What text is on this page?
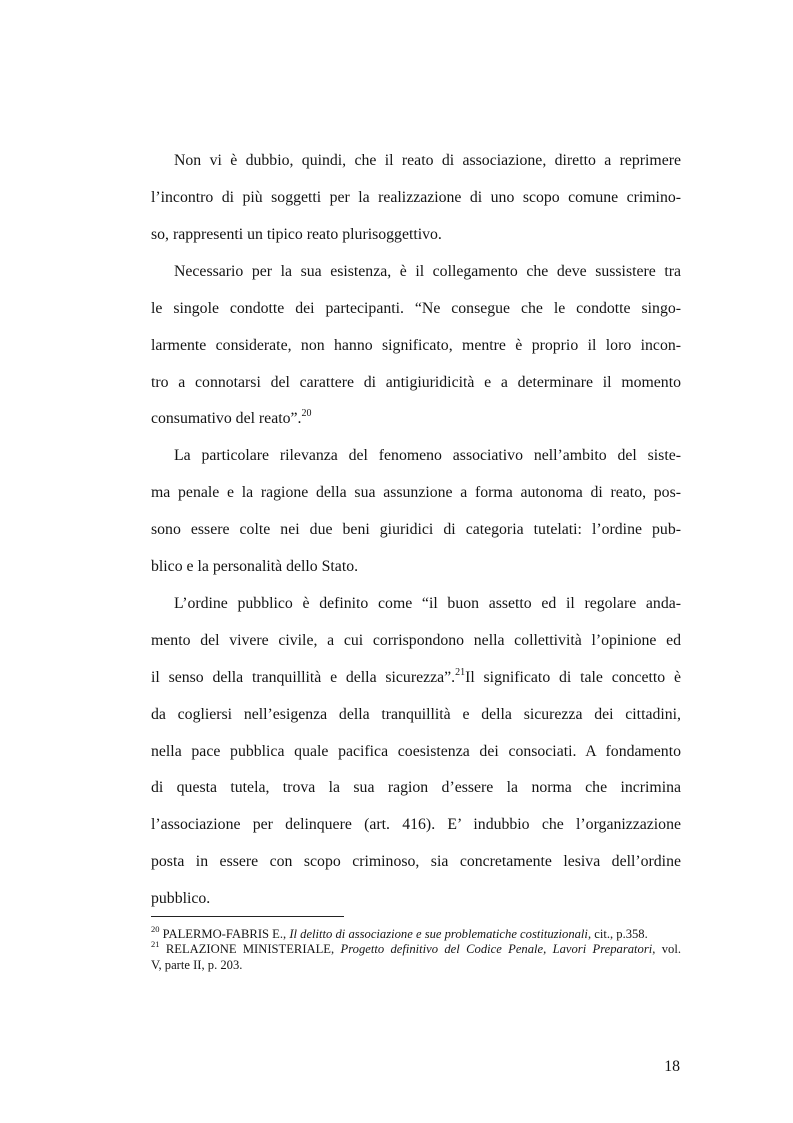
Non vi è dubbio, quindi, che il reato di associazione, diretto a reprimere
l’incontro di più soggetti per la realizzazione di uno scopo comune crimino-
so, rappresenti un tipico reato plurisoggettivo.
Necessario per la sua esistenza, è il collegamento che deve sussistere tra
le singole condotte dei partecipanti. “Ne consegue che le condotte singo-
larmente considerate, non hanno significato, mentre è proprio il loro incon-
tro a connotarsi del carattere di antigiuridicità e a determinare il momento
consumativo del reato”.$^{20}$
La particolare rilevanza del fenomeno associativo nell’ambito del siste-
ma penale e la ragione della sua assunzione a forma autonoma di reato, pos-
sono essere colte nei due beni giuridici di categoria tutelati: l’ordine pub-
blico e la personalità dello Stato.
L’ordine pubblico è definito come “il buon assetto ed il regolare anda-
mento del vivere civile, a cui corrispondono nella collettività l’opinione ed
il senso della tranquillità e della sicurezza”.$^{21}$Il significato di tale concetto è
da cogliersi nell’esigenza della tranquillità e della sicurezza dei cittadini,
nella pace pubblica quale pacifica coesistenza dei consociati. A fondamento
di questa tutela, trova la sua ragion d’essere la norma che incrimina
l’associazione per delinquere (art. 416). E’ indubbio che l’organizzazione
posta in essere con scopo criminoso, sia concretamente lesiva dell’ordine
pubblico.
$^{20}$ PALERMO-FABRIS E., Il delitto di associazione e sue problematiche costituzionali, cit., p.358.
$^{21}$ RELAZIONE MINISTERIALE, Progetto definitivo del Codice Penale, Lavori Preparatori, vol.
V, parte II, p. 203.
18
